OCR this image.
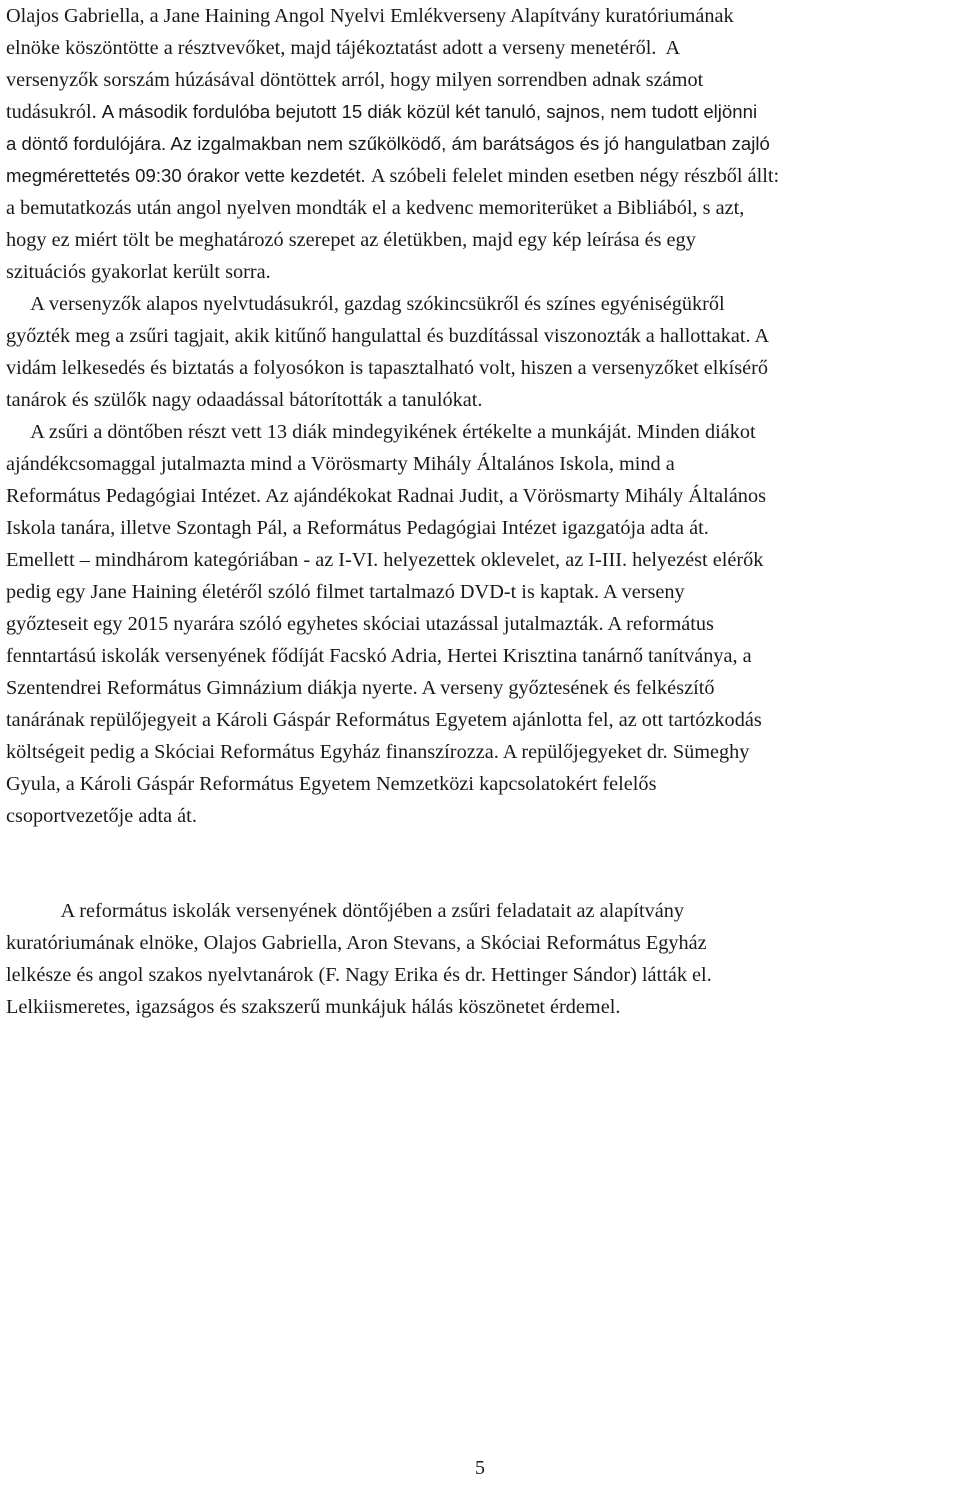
Olajos Gabriella, a Jane Haining Angol Nyelvi Emlékverseny Alapítvány kuratóriumának
elnöke köszöntötte a résztvevőket, majd tájékoztatást adott a verseny menetéről.  A
versenyzők sorszám húzásával döntöttek arról, hogy milyen sorrendben adnak számot
tudásukról. A második fordulóba bejutott 15 diák közül két tanuló, sajnos, nem tudott eljönni
a döntő fordulójára. Az izgalmakban nem szűkölködő, ám barátságos és jó hangulatban zajló
megmérettetés 09:30 órakor vette kezdetét. A szóbeli felelet minden esetben négy részből állt:
a bemutatkozás után angol nyelven mondták el a kedvenc memoriterüket a Bibliából, s azt,
hogy ez miért tölt be meghatározó szerepet az életükben, majd egy kép leírása és egy
szituációs gyakorlat került sorra.
A versenyzők alapos nyelvtudásukról, gazdag szókincsükről és színes egyéniségükről
győzték meg a zsűri tagjait, akik kitűnő hangulattal és buzdítással viszonozták a hallottakat. A
vidám lelkesedés és biztatás a folyosókon is tapasztalható volt, hiszen a versenyzőket elkísérő
tanárok és szülők nagy odaadással bátorították a tanulókat.
A zsűri a döntőben részt vett 13 diák mindegyikének értékelte a munkáját. Minden diákot
ajándékcsomaggal jutalmazta mind a Vörösmarty Mihály Általános Iskola, mind a
Református Pedagógiai Intézet. Az ajándékokat Radnai Judit, a Vörösmarty Mihály Általános
Iskola tanára, illetve Szontagh Pál, a Református Pedagógiai Intézet igazgatója adta át.
Emellett – mindhárom kategóriában - az I-VI. helyezettek oklevelet, az I-III. helyezést elérők
pedig egy Jane Haining életéről szóló filmet tartalmazó DVD-t is kaptak. A verseny
győzteseit egy 2015 nyarára szóló egyhetes skóciai utazással jutalmazták. A református
fenntartású iskolák versenyének fődíját Facskó Adria, Hertei Krisztina tanárnő tanítványa, a
Szentendrei Református Gimnázium diákja nyerte. A verseny győztesének és felkészítő
tanárának repülőjegyeit a Károli Gáspár Református Egyetem ajánlotta fel, az ott tartózkodás
költségeit pedig a Skóciai Református Egyház finanszírozza. A repülőjegyeket dr. Sümeghy
Gyula, a Károli Gáspár Református Egyetem Nemzetközi kapcsolatokért felelős
csoportvezetője adta át.
A református iskolák versenyének döntőjében a zsűri feladatait az alapítvány
kuratóriumának elnöke, Olajos Gabriella, Aron Stevans, a Skóciai Református Egyház
lelkésze és angol szakos nyelvtanárok (F. Nagy Erika és dr. Hettinger Sándor) látták el.
Lelkiismeretes, igazságos és szakszerű munkájuk hálás köszönetet érdemel.
5
